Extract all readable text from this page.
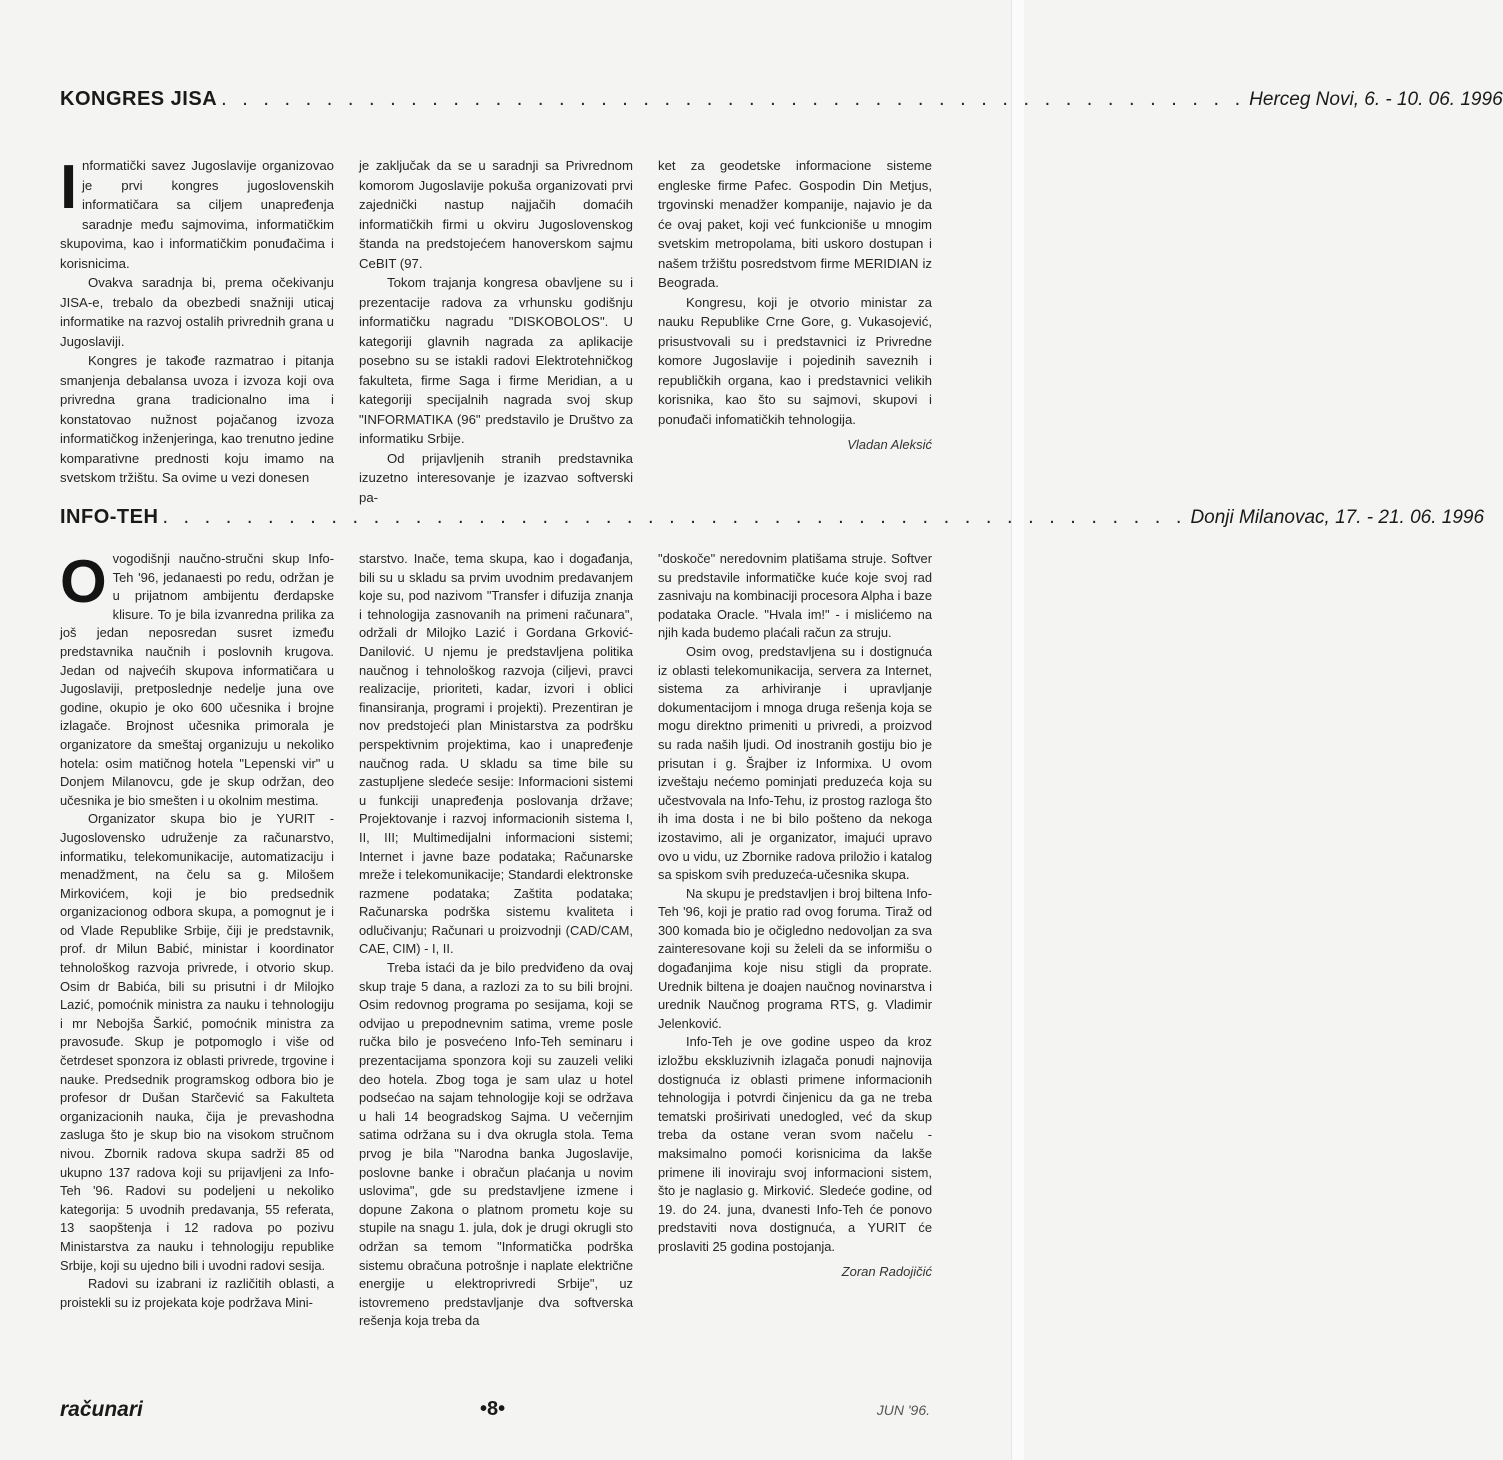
KONGRES JISA . . . . . . . . . . . . . . . . . . . . . . . . . . . . . . . . . . . . . . . . . . . . . . . . . Herceg Novi, 6. - 10. 06. 1996
I nformatički savez Jugoslavije organizovao je prvi kongres jugoslovenskih informatičara sa ciljem unapređenja saradnje među sajmovima, informatičkim skupovima, kao i informatičkim ponuđačima i korisnicima.

Ovakva saradnja bi, prema očekivanju JISA-e, trebalo da obezbedi snažniji uticaj informatike na razvoj ostalih privrednih grana u Jugoslaviji.

Kongres je takođe razmatrao i pitanja smanjenja debalansa uvoza i izvoza koji ova privredna grana tradicionalno ima i konstatovao nužnost pojačanog izvoza informatičkog inženjeringa, kao trenutno jedine komparativne prednosti koju imamo na svetskom tržištu. Sa ovime u vezi donesen

je zaključak da se u saradnji sa Privrednom komorom Jugoslavije pokuša organizovati prvi zajednički nastup najjačih domaćih informatičkih firmi u okviru Jugoslovenskog štanda na predstojećem hanoverskom sajmu CeBIT (97.

Tokom trajanja kongresa obavljene su i prezentacije radova za vrhunsku godišnju informatičku nagradu "DISKOBOLOS". U kategoriji glavnih nagrada za aplikacije posebno su se istakli radovi Elektrotehničkog fakulteta, firme Saga i firme Meridian, a u kategoriji specijalnih nagrada svoj skup "INFORMATIKA (96" predstavilo je Društvo za informatiku Srbije.

Od prijavljenih stranih predstavnika izuzetno interesovanje je izazvao softverski pa-

ket za geodetske informacione sisteme engleske firme Pafec. Gospodin Din Metjus, trgovinski menadžer kompanije, najavio je da će ovaj paket, koji već funkcioniše u mnogim svetskim metropolama, biti uskoro dostupan i našem tržištu posredstvom firme MERIDIAN iz Beograda.

Kongresu, koji je otvorio ministar za nauku Republike Crne Gore, g. Vukasojević, prisustvovali su i predstavnici iz Privredne komore Jugoslavije i pojedinih saveznih i republičkih organa, kao i predstavnici velikih korisnika, kao što su sajmovi, skupovi i ponuđači infomatičkih tehnologija.

Vladan Aleksić
INFO-TEH . . . . . . . . . . . . . . . . . . . . . . . . . . . . . . . . . . . . . . . . . . . . . . . . . Donji Milanovac, 17. - 21. 06. 1996
O vogodišnji naučno-stručni skup Info-Teh '96, jedanaesti po redu, održan je u prijatnom ambijentu đerdapske klisure. To je bila izvanredna prilika za još jedan neposredan susret između predstavnika naučnih i poslovnih krugova. Jedan od najvećih skupova informatičara u Jugoslaviji, pretposlednje nedelje juna ove godine, okupio je oko 600 učesnika i brojne izlagače. Brojnost učesnika primorala je organizatore da smeštaj organizuju u nekoliko hotela: osim matičnog hotela "Lepenski vir" u Donjem Milanovcu, gde je skup održan, deo učesnika je bio smešten i u okolnim mestima.

Organizator skupa bio je YURIT - Jugoslovensko udruženje za računarstvo, informatiku, telekomunikacije, automatizaciju i menadžment, na čelu sa g. Milošem Mirkovićem, koji je bio predsednik organizacionog odbora skupa, a pomognut je i od Vlade Republike Srbije, čiji je predstavnik, prof. dr Milun Babić, ministar i koordinator tehnološkog razvoja privrede, i otvorio skup. Osim dr Babića, bili su prisutni i dr Milojko Lazić, pomoćnik ministra za nauku i tehnologiju i mr Nebojša Šarkić, pomoćnik ministra za pravosuđe. Skup je potpomoglo i više od četrdeset sponzora iz oblasti privrede, trgovine i nauke. Predsednik programskog odbora bio je profesor dr Dušan Starčević sa Fakulteta organizacionih nauka, čija je prevashodna zasluga što je skup bio na visokom stručnom nivou. Zbornik radova skupa sadrži 85 od ukupno 137 radova koji su prijavljeni za Info-Teh '96. Radovi su podeljeni u nekoliko kategorija: 5 uvodnih predavanja, 55 referata, 13 saopštenja i 12 radova po pozivu Ministarstva za nauku i tehnologiju republike Srbije, koji su ujedno bili i uvodni radovi sesija.

Radovi su izabrani iz različitih oblasti, a proistekli su iz projekata koje podržava Mini-

starstvo. Inače, tema skupa, kao i događanja, bili su u skladu sa prvim uvodnim predavanjem koje su, pod nazivom "Transfer i difuzija znanja i tehnologija zasnovanih na primeni računara", održali dr Milojko Lazić i Gordana Grković-Danilović. U njemu je predstavljena politika naučnog i tehnološkog razvoja (ciljevi, pravci realizacije, prioriteti, kadar, izvori i oblici finansiranja, programi i projekti). Prezentiran je nov predstojeći plan Ministarstva za podršku perspektivnim projektima, kao i unapređenje naučnog rada. U skladu sa time bile su zastupljene sledeće sesije: Informacioni sistemi u funkciji unapređenja poslovanja države; Projektovanje i razvoj informacionih sistema I, II, III; Multimedijalni informacioni sistemi; Internet i javne baze podataka; Računarske mreže i telekomunikacije; Standardi elektronske razmene podataka; Zaštita podataka; Računarska podrška sistemu kvaliteta i odlučivanju; Računari u proizvodnji (CAD/CAM, CAE, CIM) - I, II.

Treba istaći da je bilo predviđeno da ovaj skup traje 5 dana, a razlozi za to su bili brojni. Osim redovnog programa po sesijama, koji se odvijao u prepodnevnim satima, vreme posle ručka bilo je posvećeno Info-Teh seminaru i prezentacijama sponzora koji su zauzeli veliki deo hotela. Zbog toga je sam ulaz u hotel podsećao na sajam tehnologije koji se održava u hali 14 beogradskog Sajma. U večernjim satima održana su i dva okrugla stola. Tema prvog je bila "Narodna banka Jugoslavije, poslovne banke i obračun plaćanja u novim uslovima", gde su predstavljene izmene i dopune Zakona o platnom prometu koje su stupile na snagu 1. jula, dok je drugi okrugli sto održan sa temom "Informatička podrška sistemu obračuna potrošnje i naplate električne energije u elektroprivredi Srbije", uz istovremeno predstavljanje dva softverska rešenja koja treba da

"doskoče" neredovnim platišama struje. Softver su predstavile informatičke kuće koje svoj rad zasnivaju na kombinaciji procesora Alpha i baze podataka Oracle. "Hvala im!" - i mislićemo na njih kada budemo plaćali račun za struju.

Osim ovog, predstavljena su i dostignuća iz oblasti telekomunikacija, servera za Internet, sistema za arhiviranje i upravljanje dokumentacijom i mnoga druga rešenja koja se mogu direktno primeniti u privredi, a proizvod su rada naših ljudi. Od inostranih gostiju bio je prisutan i g. Šrajber iz Informixa. U ovom izveštaju nećemo pominjati preduzeća koja su učestvovala na Info-Tehu, iz prostog razloga što ih ima dosta i ne bi bilo pošteno da nekoga izostavimo, ali je organizator, imajući upravo ovo u vidu, uz Zbornike radova priložio i katalog sa spiskom svih preduzeća-učesnika skupa.

Na skupu je predstavljen i broj biltena Info-Teh '96, koji je pratio rad ovog foruma. Tiraž od 300 komada bio je očigledno nedovoljan za sva zainteresovane koji su želeli da se informišu o događanjima koje nisu stigli da proprate. Urednik biltena je doajen naučnog novinarstva i urednik Naučnog programa RTS, g. Vladimir Jelenković.

Info-Teh je ove godine uspeo da kroz izložbu ekskluzivnih izlagača ponudi najnovija dostignuća iz oblasti primene informacionih tehnologija i potvrdi činjenicu da ga ne treba tematski proširivati unedogled, već da skup treba da ostane veran svom načelu - maksimalno pomoći korisnicima da lakše primene ili inoviraju svoj informacioni sistem, što je naglasio g. Mirković. Sledeće godine, od 19. do 24. juna, dvanesti Info-Teh će ponovo predstaviti nova dostignuća, a YURIT će proslaviti 25 godina postojanja.

Zoran Radojičić
računari	•8•	JUN '96.
